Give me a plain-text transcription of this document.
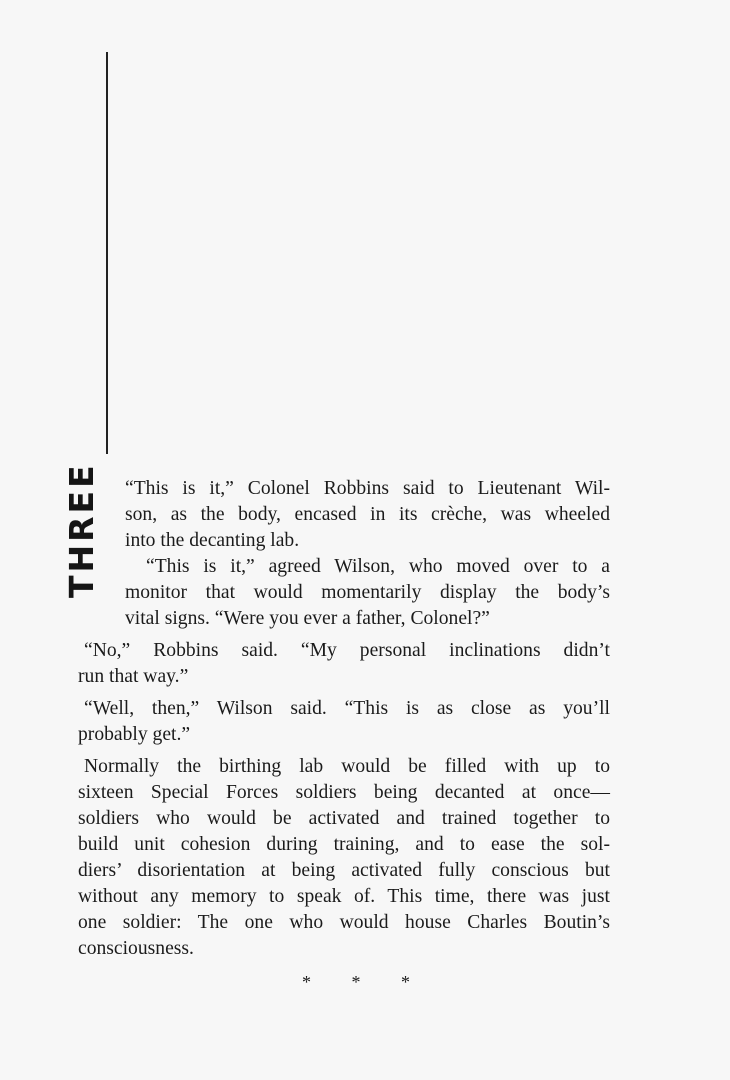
THREE	“This is it,” Colonel Robbins said to Lieutenant Wil-
son, as the body, encased in its crèche, was wheeled
into the decanting lab.
“This is it,” agreed Wilson, who moved over to a
monitor that would momentarily display the body’s
vital signs. “Were you ever a father, Colonel?”
“No,” Robbins said. “My personal inclinations didn’t
run that way.”
“Well, then,” Wilson said. “This is as close as you’ll
probably get.”
Normally the birthing lab would be filled with up to
sixteen Special Forces soldiers being decanted at once—
soldiers who would be activated and trained together to
build unit cohesion during training, and to ease the sol-
diers’ disorientation at being activated fully conscious but
without any memory to speak of. This time, there was just
one soldier: The one who would house Charles Boutin’s
consciousness.
* * *
